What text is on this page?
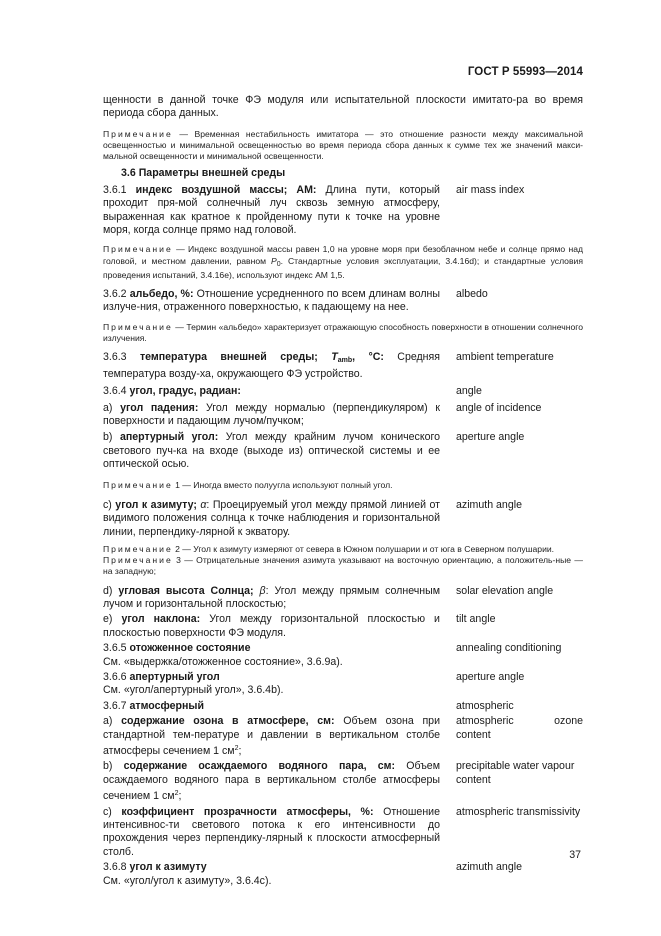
ГОСТ Р 55993—2014

щенности в данной точке ФЭ модуля или испытательной плоскости имитато-ра во время периода сбора данных.

Примечание — Временная нестабильность имитатора — это отношение разности между максимальной освещенностью и минимальной освещенностью во время периода сбора данных к сумме тех же значений макси-мальной освещенности и минимальной освещенности.

3.6 Параметры внешней среды

3.6.1 индекс воздушной массы; AM: Длина пути, который проходит пря-мой солнечный луч сквозь земную атмосферу, выраженная как кратное к пройденному пути к точке на уровне моря, когда солнце прямо над головой.
air mass index

Примечание — Индекс воздушной массы равен 1,0 на уровне моря при безоблачном небе и солнце прямо над головой, и местном давлении, равном $P_0$. Стандартные условия эксплуатации, 3.4.16d); и стандартные условия проведения испытаний, 3.4.16е), используют индекс АМ 1,5.

3.6.2 альбедо, %: Отношение усредненного по всем длинам волны излуче-ния, отраженного поверхностью, к падающему на нее.
albedo

Примечание — Термин «альбедо» характеризует отражающую способность поверхности в отношении солнечного излучения.

3.6.3 температура внешней среды; $T_{amb}$, °С: Средняя температура возду-ха, окружающего ФЭ устройство.
ambient temperature
3.6.4 угол, градус, радиан:	angle
а) угол падения: Угол между нормалью (перпендикуляром) к поверхности и падающим лучом/пучком;
angle of incidence
b) апертурный угол: Угол между крайним лучом конического светового пуч-ка на входе (выходе из) оптической системы и ее оптической осью.
aperture angle

Примечание 1 — Иногда вместо полуугла используют полный угол.

с) угол к азимуту; α: Проецируемый угол между прямой линией от видимого положения солнца к точке наблюдения и горизонтальной линии, перпендику-лярной к экватору.
azimuth angle

Примечание 2 — Угол к азимуту измеряют от севера в Южном полушарии и от юга в Северном полушарии.

Примечание 3 — Отрицательные значения азимута указывают на восточную ориентацию, а положитель-ные — на западную;

d) угловая высота Солнца; β: Угол между прямым солнечным лучом и горизонтальной плоскостью;
solar elevation angle
е) угол наклона: Угол между горизонтальной плоскостью и плоскостью поверхности ФЭ модуля.
tilt angle
3.6.5 отожженное состояние
См. «выдержка/отожженное состояние», 3.6.9а).
annealing conditioning
3.6.6 апертурный угол
См. «угол/апертурный угол», 3.6.4b).
aperture angle
3.6.7 атмосферный	atmospheric
а) содержание озона в атмосфере, см: Объем озона при стандартной тем-пературе и давлении в вертикальном столбе атмосферы сечением 1 $см^2$;
atmospheric ozone content
b) содержание осаждаемого водяного пара, см: Объем осаждаемого водяного пара в вертикальном столбе атмосферы сечением 1 $см^2$;
precipitable water vapour content
с) коэффициент прозрачности атмосферы, %: Отношение интенсивнос-ти светового потока к его интенсивности до прохождения через перпендику-лярный к плоскости атмосферный столб.
atmospheric transmissivity
3.6.8 угол к азимуту
См. «угол/угол к азимуту», 3.6.4с).
azimuth angle
37
